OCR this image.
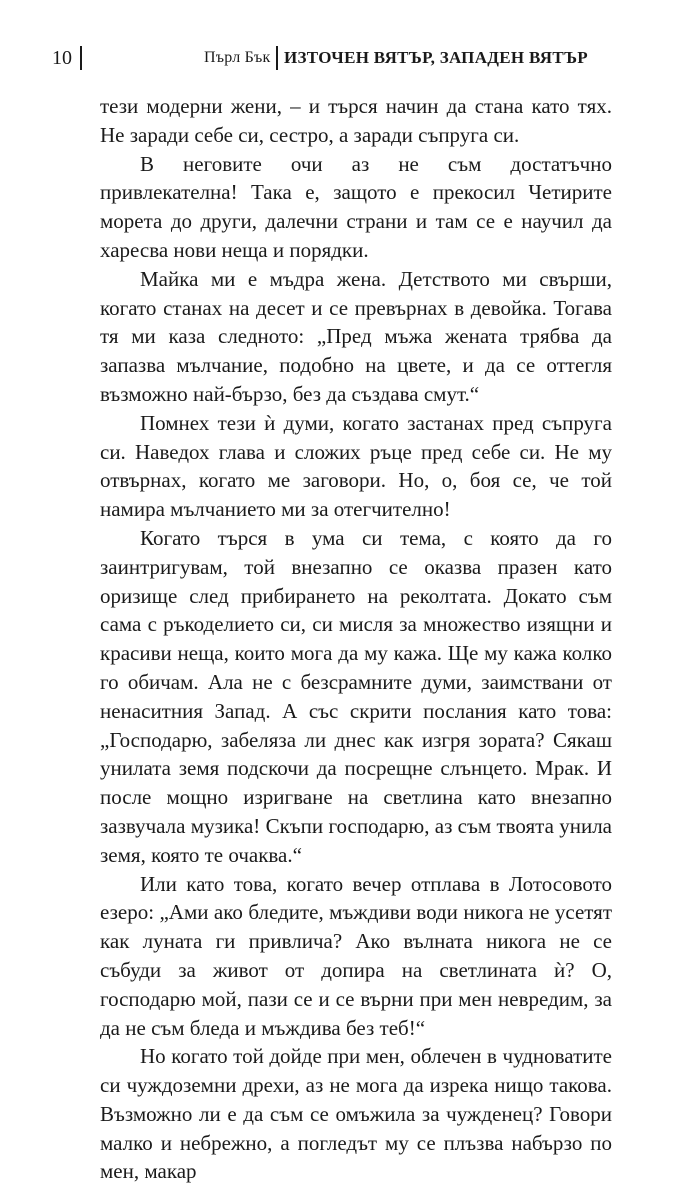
10	Пърл Бък ИЗТОЧЕН ВЯТЪР, ЗАПАДЕН ВЯТЪР

тези модерни жени, – и търся начин да стана като тях. Не заради себе си, сестро, а заради съпруга си.

В неговите очи аз не съм достатъчно привлекателна! Така е, защото е прекосил Четирите морета до други, далечни страни и там се е научил да харесва нови неща и порядки.

Майка ми е мъдра жена. Детството ми свърши, когато станах на десет и се превърнах в девойка. Тогава тя ми каза следното: „Пред мъжа жената трябва да запазва мълчание, подобно на цвете, и да се оттегля възможно най-бързо, без да създава смут.“

Помнех тези ѝ думи, когато застанах пред съпруга си. Наведох глава и сложих ръце пред себе си. Не му отвърнах, когато ме заговори. Но, о, боя се, че той намира мълчанието ми за отегчително!

Когато търся в ума си тема, с която да го заинтригувам, той внезапно се оказва празен като оризище след прибирането на реколтата. Докато съм сама с ръкоделието си, си мисля за множество изящни и красиви неща, които мога да му кажа. Ще му кажа колко го обичам. Ала не с безсрамните думи, заимствани от ненаситния Запад. А със скрити послания като това: „Господарю, забеляза ли днес как изгря зората? Сякаш унилата земя подскочи да посрещне слънцето. Мрак. И после мощно изригване на светлина като внезапно зазвучала музика! Скъпи господарю, аз съм твоята унила земя, която те очаква.“

Или като това, когато вечер отплава в Лотосовото езеро: „Ами ако бледите, мъждиви води никога не усетят как луната ги привлича? Ако вълната никога не се събуди за живот от допира на светлината ѝ? О, господарю мой, пази се и се върни при мен невредим, за да не съм бледа и мъждива без теб!“

Но когато той дойде при мен, облечен в чудноватите си чуждоземни дрехи, аз не мога да изрека нищо такова. Възможно ли е да съм се омъжила за чужденец? Говори малко и небрежно, а погледът му се плъзва набързо по мен, макар
